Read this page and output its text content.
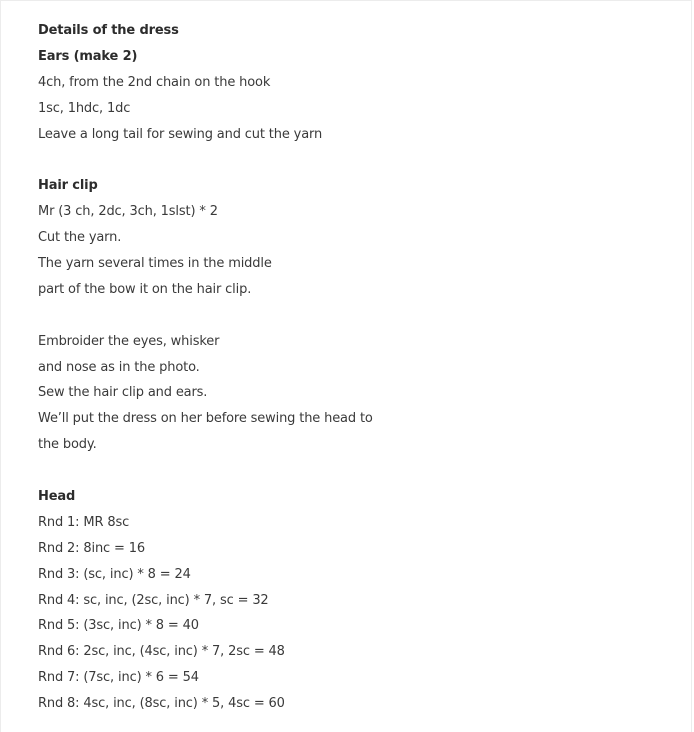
Details of the dress
Ears (make 2)
4ch, from the 2nd chain on the hook
1sc, 1hdc, 1dc
Leave a long tail for sewing and cut the yarn
Hair clip
Mr (3 ch, 2dc, 3ch, 1slst) * 2
Cut the yarn.
The yarn several times in the middle
part of the bow it on the hair clip.
Embroider the eyes, whisker
and nose as in the photo.
Sew the hair clip and ears.
We’ll put the dress on her before sewing the head to
the body.
Head
Rnd 1: MR 8sc
Rnd 2: 8inc = 16
Rnd 3: (sc, inc) * 8 = 24
Rnd 4: sc, inc, (2sc, inc) * 7, sc = 32
Rnd 5: (3sc, inc) * 8 = 40
Rnd 6: 2sc, inc, (4sc, inc) * 7, 2sc = 48
Rnd 7: (7sc, inc) * 6 = 54
Rnd 8: 4sc, inc, (8sc, inc) * 5, 4sc = 60
